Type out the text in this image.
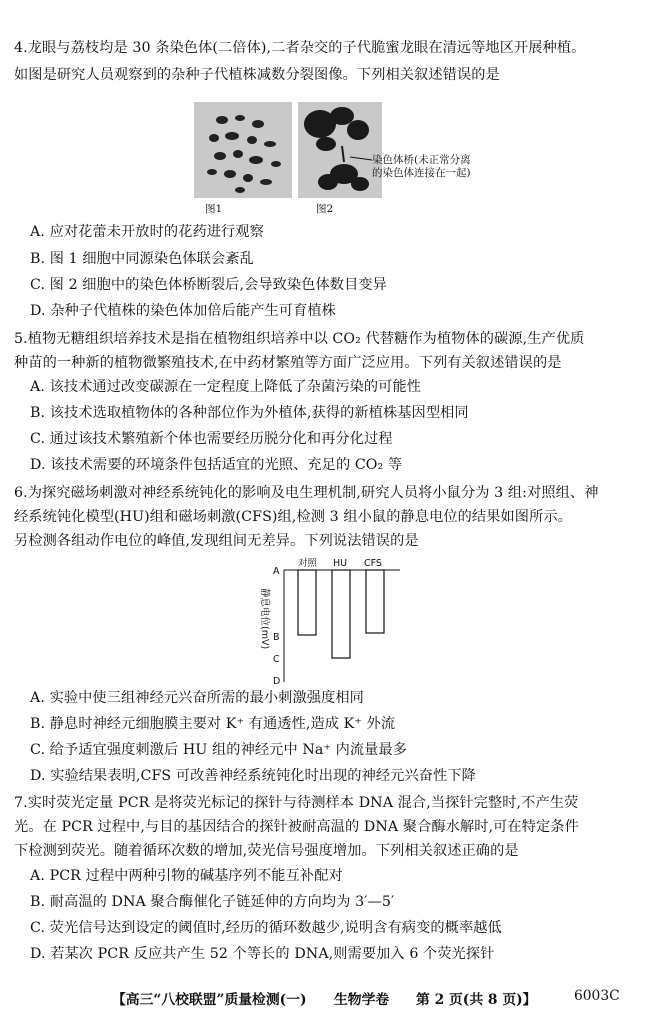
4.龙眼与荔枝均是 30 条染色体(二倍体),二者杂交的子代脆蜜龙眼在清远等地区开展种植。
如图是研究人员观察到的杂种子代植株减数分裂图像。下列相关叙述错误的是
图1	图2
染色体桥(未正常分离
的染色体连接在一起)
A. 应对花蕾未开放时的花药进行观察
B. 图 1 细胞中同源染色体联会紊乱
C. 图 2 细胞中的染色体桥断裂后,会导致染色体数目变异
D. 杂种子代植株的染色体加倍后能产生可育植株
5.植物无糖组织培养技术是指在植物组织培养中以 CO₂ 代替糖作为植物体的碳源,生产优质
种苗的一种新的植物微繁殖技术,在中药材繁殖等方面广泛应用。下列有关叙述错误的是
A. 该技术通过改变碳源在一定程度上降低了杂菌污染的可能性
B. 该技术选取植物体的各种部位作为外植体,获得的新植株基因型相同
C. 通过该技术繁殖新个体也需要经历脱分化和再分化过程
D. 该技术需要的环境条件包括适宜的光照、充足的 CO₂ 等
6.为探究磁场刺激对神经系统钝化的影响及电生理机制,研究人员将小鼠分为 3 组:对照组、神
经系统钝化模型(HU)组和磁场刺激(CFS)组,检测 3 组小鼠的静息电位的结果如图所示。
另检测各组动作电位的峰值,发现组间无差异。下列说法错误的是
A
B
C
D
静息电位(mV)
对照 HU CFS
A. 实验中使三组神经元兴奋所需的最小刺激强度相同
B. 静息时神经元细胞膜主要对 K⁺ 有通透性,造成 K⁺ 外流
C. 给予适宜强度刺激后 HU 组的神经元中 Na⁺ 内流量最多
D. 实验结果表明,CFS 可改善神经系统钝化时出现的神经元兴奋性下降
7.实时荧光定量 PCR 是将荧光标记的探针与待测样本 DNA 混合,当探针完整时,不产生荧
光。在 PCR 过程中,与目的基因结合的探针被耐高温的 DNA 聚合酶水解时,可在特定条件
下检测到荧光。随着循环次数的增加,荧光信号强度增加。下列相关叙述正确的是
A. PCR 过程中两种引物的碱基序列不能互补配对
B. 耐高温的 DNA 聚合酶催化子链延伸的方向均为 3′—5′
C. 荧光信号达到设定的阈值时,经历的循环数越少,说明含有病变的概率越低
D. 若某次 PCR 反应共产生 52 个等长的 DNA,则需要加入 6 个荧光探针
【高三“八校联盟”质量检测(一) 生物学卷 第 2 页(共 8 页)】	6003C
